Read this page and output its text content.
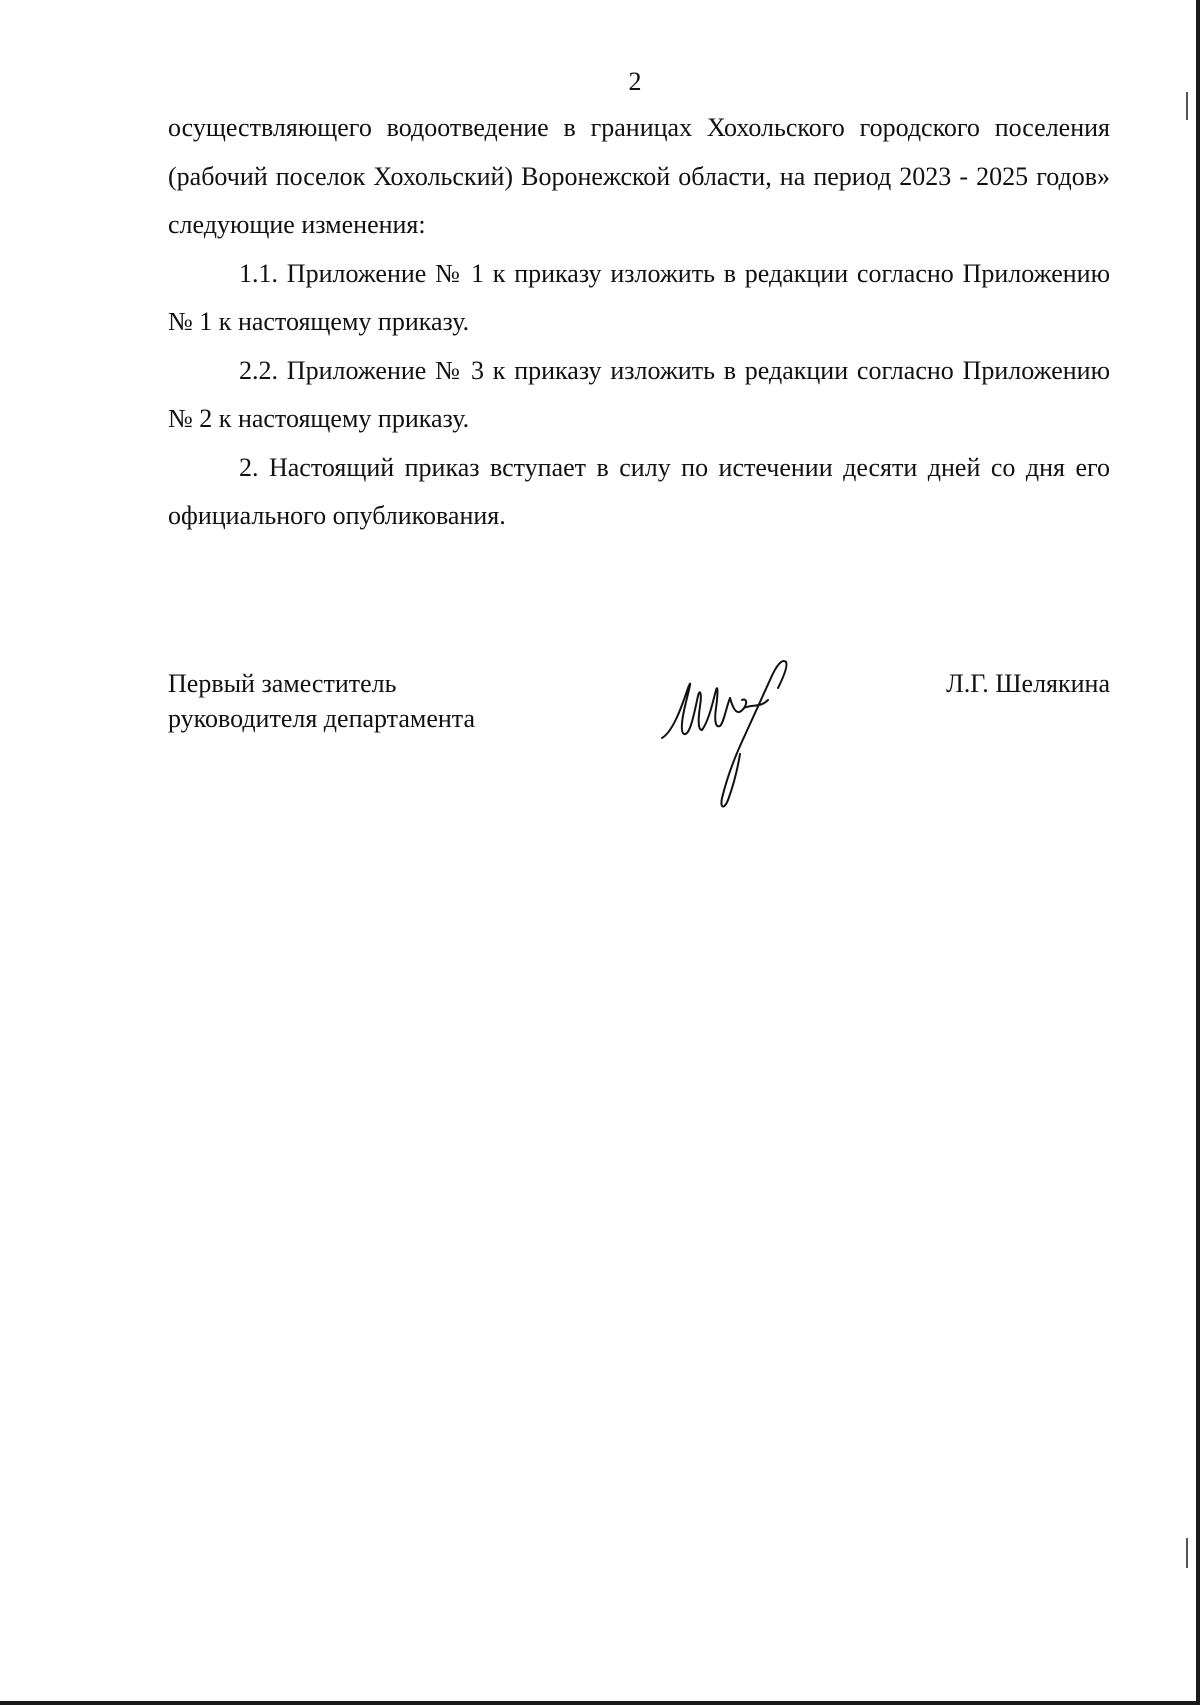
2

осуществляющего водоотведение в границах Хохольского городского поселения (рабочий поселок Хохольский) Воронежской области, на период 2023 - 2025 годов» следующие изменения:

1.1. Приложение № 1 к приказу изложить в редакции согласно Приложению № 1 к настоящему приказу.

2.2. Приложение № 3 к приказу изложить в редакции согласно Приложению № 2 к настоящему приказу.

2. Настоящий приказ вступает в силу по истечении десяти дней со дня его официального опубликования.

Первый заместитель
руководителя департамента
Л.Г. Шелякина
